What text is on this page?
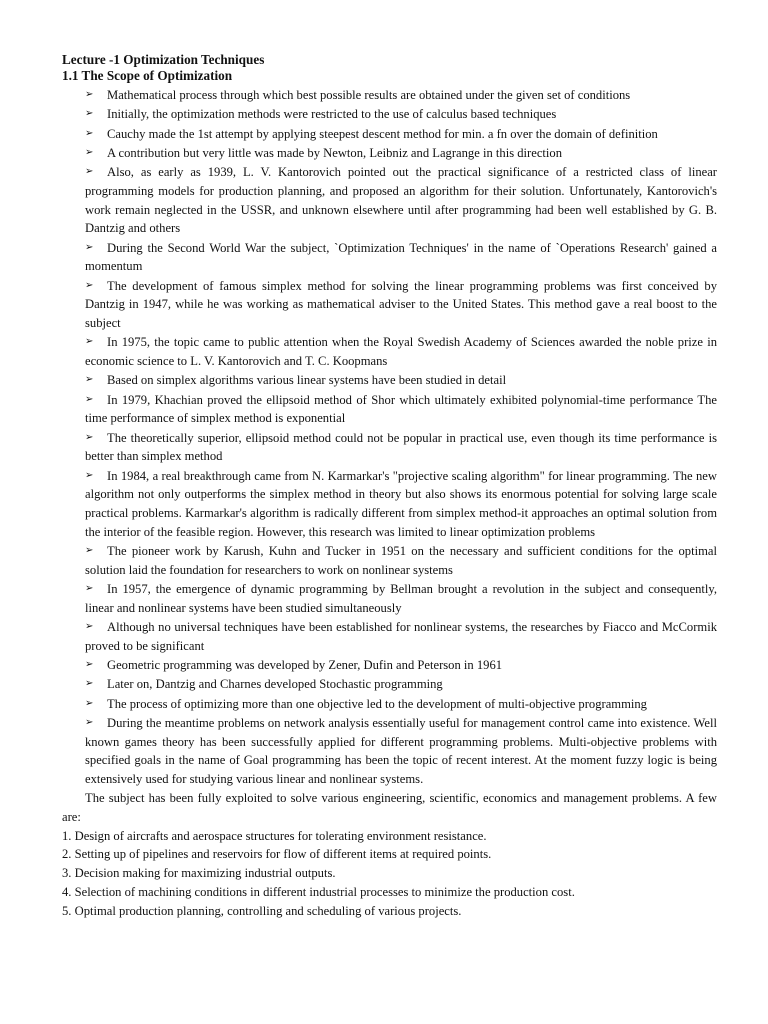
Lecture -1 Optimization Techniques
1.1 The Scope of Optimization
➢	Mathematical process through which best possible results are obtained under the given set of conditions
➢	Initially, the optimization methods were restricted to the use of calculus based techniques
➢	Cauchy made the 1st attempt by applying steepest descent method for min. a fn over the domain of definition
➢	A contribution but very little was made by Newton, Leibniz and Lagrange in this direction
➢	Also, as early as 1939, L. V. Kantorovich pointed out the practical significance of a restricted class of linear programming models for production planning, and proposed an algorithm for their solution. Unfortunately, Kantorovich's work remain neglected in the USSR, and unknown elsewhere until after programming had been well established by G. B. Dantzig and others
➢	During the Second World War the subject, `Optimization Techniques' in the name of `Operations Research' gained a momentum
➢	The development of famous simplex method for solving the linear programming problems was first conceived by Dantzig in 1947, while he was working as mathematical adviser to the United States. This method gave a real boost to the subject
➢	In 1975, the topic came to public attention when the Royal Swedish Academy of Sciences awarded the noble prize in economic science to L. V. Kantorovich and T. C. Koopmans
➢	Based on simplex algorithms various linear systems have been studied in detail
➢	In 1979, Khachian proved the ellipsoid method of Shor which ultimately exhibited polynomial-time performance The time performance of simplex method is exponential
➢	The theoretically superior, ellipsoid method could not be popular in practical use, even though its time performance is better than simplex method
➢	In 1984, a real breakthrough came from N. Karmarkar's "projective scaling algorithm" for linear programming. The new algorithm not only outperforms the simplex method in theory but also shows its enormous potential for solving large scale practical problems. Karmarkar's algorithm is radically different from simplex method-it approaches an optimal solution from the interior of the feasible region. However, this research was limited to linear optimization problems
➢	The pioneer work by Karush, Kuhn and Tucker in 1951 on the necessary and sufficient conditions for the optimal solution laid the foundation for researchers to work on nonlinear systems
➢	In 1957, the emergence of dynamic programming by Bellman brought a revolution in the subject and consequently, linear and nonlinear systems have been studied simultaneously
➢	Although no universal techniques have been established for nonlinear systems, the researches by Fiacco and McCormik proved to be significant
➢	Geometric programming was developed by Zener, Dufin and Peterson in 1961
➢	Later on, Dantzig and Charnes developed Stochastic programming
➢	The process of optimizing more than one objective led to the development of multi-objective programming
➢	During the meantime problems on network analysis essentially useful for management control came into existence. Well known games theory has been successfully applied for different programming problems. Multi-objective problems with specified goals in the name of Goal programming has been the topic of recent interest. At the moment fuzzy logic is being extensively used for studying various linear and nonlinear systems.

The subject has been fully exploited to solve various engineering, scientific, economics and management problems. A few are:

1. Design of aircrafts and aerospace structures for tolerating environment resistance.
2. Setting up of pipelines and reservoirs for flow of different items at required points.
3. Decision making for maximizing industrial outputs.
4. Selection of machining conditions in different industrial processes to minimize the production cost.
5. Optimal production planning, controlling and scheduling of various projects.
